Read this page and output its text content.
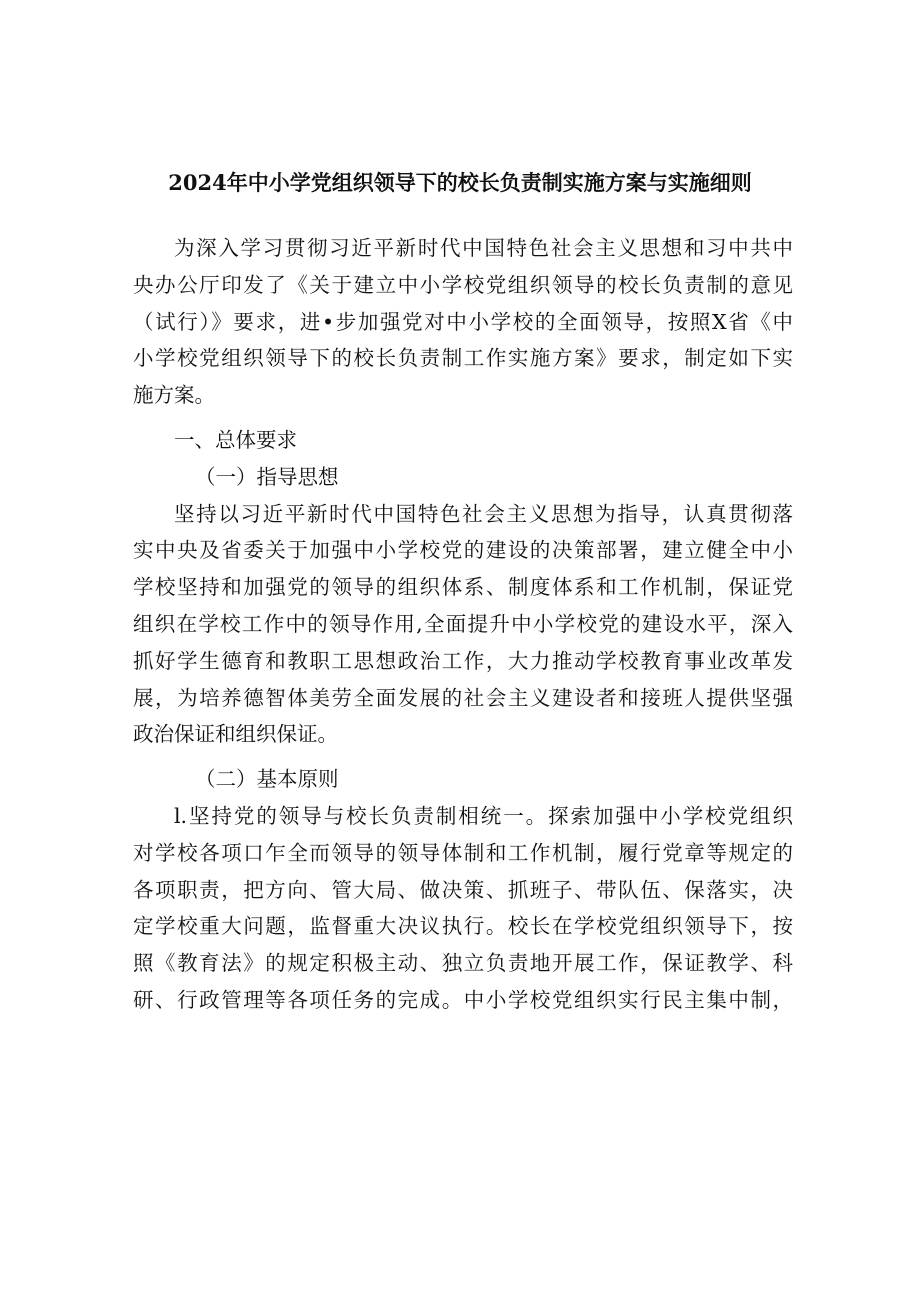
2024年中小学党组织领导下的校长负责制实施方案与实施细则
为深入学习贯彻习近平新时代中国特色社会主义思想和习中共中
央办公厅印发了《关于建立中小学校党组织领导的校长负责制的意见
（试行）》要求，进•步加强党对中小学校的全面领导，按照X省《中
小学校党组织领导下的校长负责制工作实施方案》要求，制定如下实
施方案。
一、总体要求
（一）指导思想
坚持以习近平新时代中国特色社会主义思想为指导，认真贯彻落
实中央及省委关于加强中小学校党的建设的决策部署，建立健全中小
学校坚持和加强党的领导的组织体系、制度体系和工作机制，保证党
组织在学校工作中的领导作用,全面提升中小学校党的建设水平，深入
抓好学生德育和教职工思想政治工作，大力推动学校教育事业改革发
展，为培养德智体美劳全面发展的社会主义建设者和接班人提供坚强
政治保证和组织保证。
（二）基本原则
l.坚持党的领导与校长负责制相统一。探索加强中小学校党组织
对学校各项口乍全而领导的领导体制和工作机制，履行党章等规定的
各项职责，把方向、管大局、做决策、抓班子、带队伍、保落实，决
定学校重大问题，监督重大决议执行。校长在学校党组织领导下，按
照《教育法》的规定积极主动、独立负责地开展工作，保证教学、科
研、行政管理等各项任务的完成。中小学校党组织实行民主集中制，
